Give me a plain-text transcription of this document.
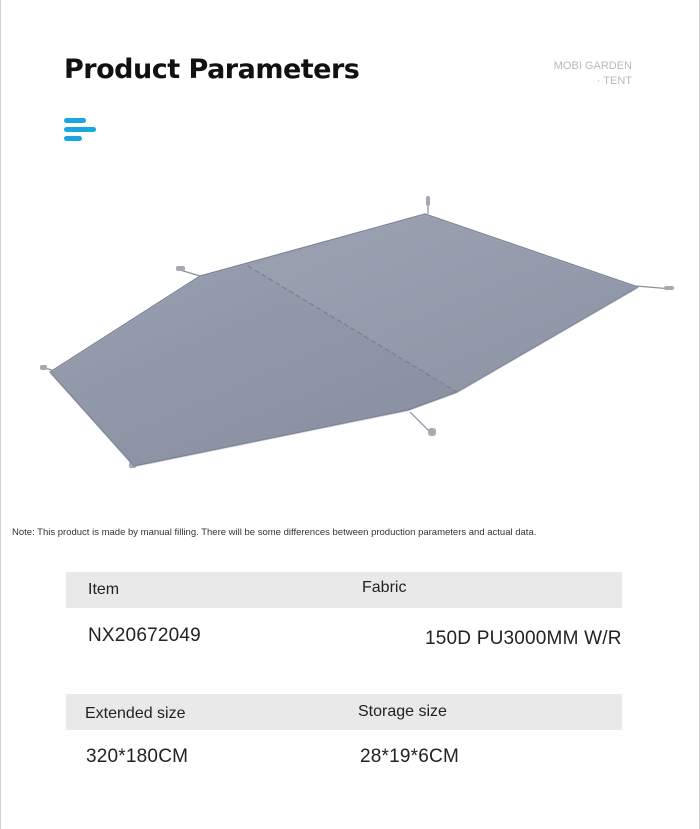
Product Parameters	MOBI GARDEN
· TENT
Note: This product is made by manual filling. There will be some differences between production parameters and actual data.
Item	Fabric
NX20672049	150D PU3000MM W/R
Extended size	Storage size
320*180CM	28*19*6CM
